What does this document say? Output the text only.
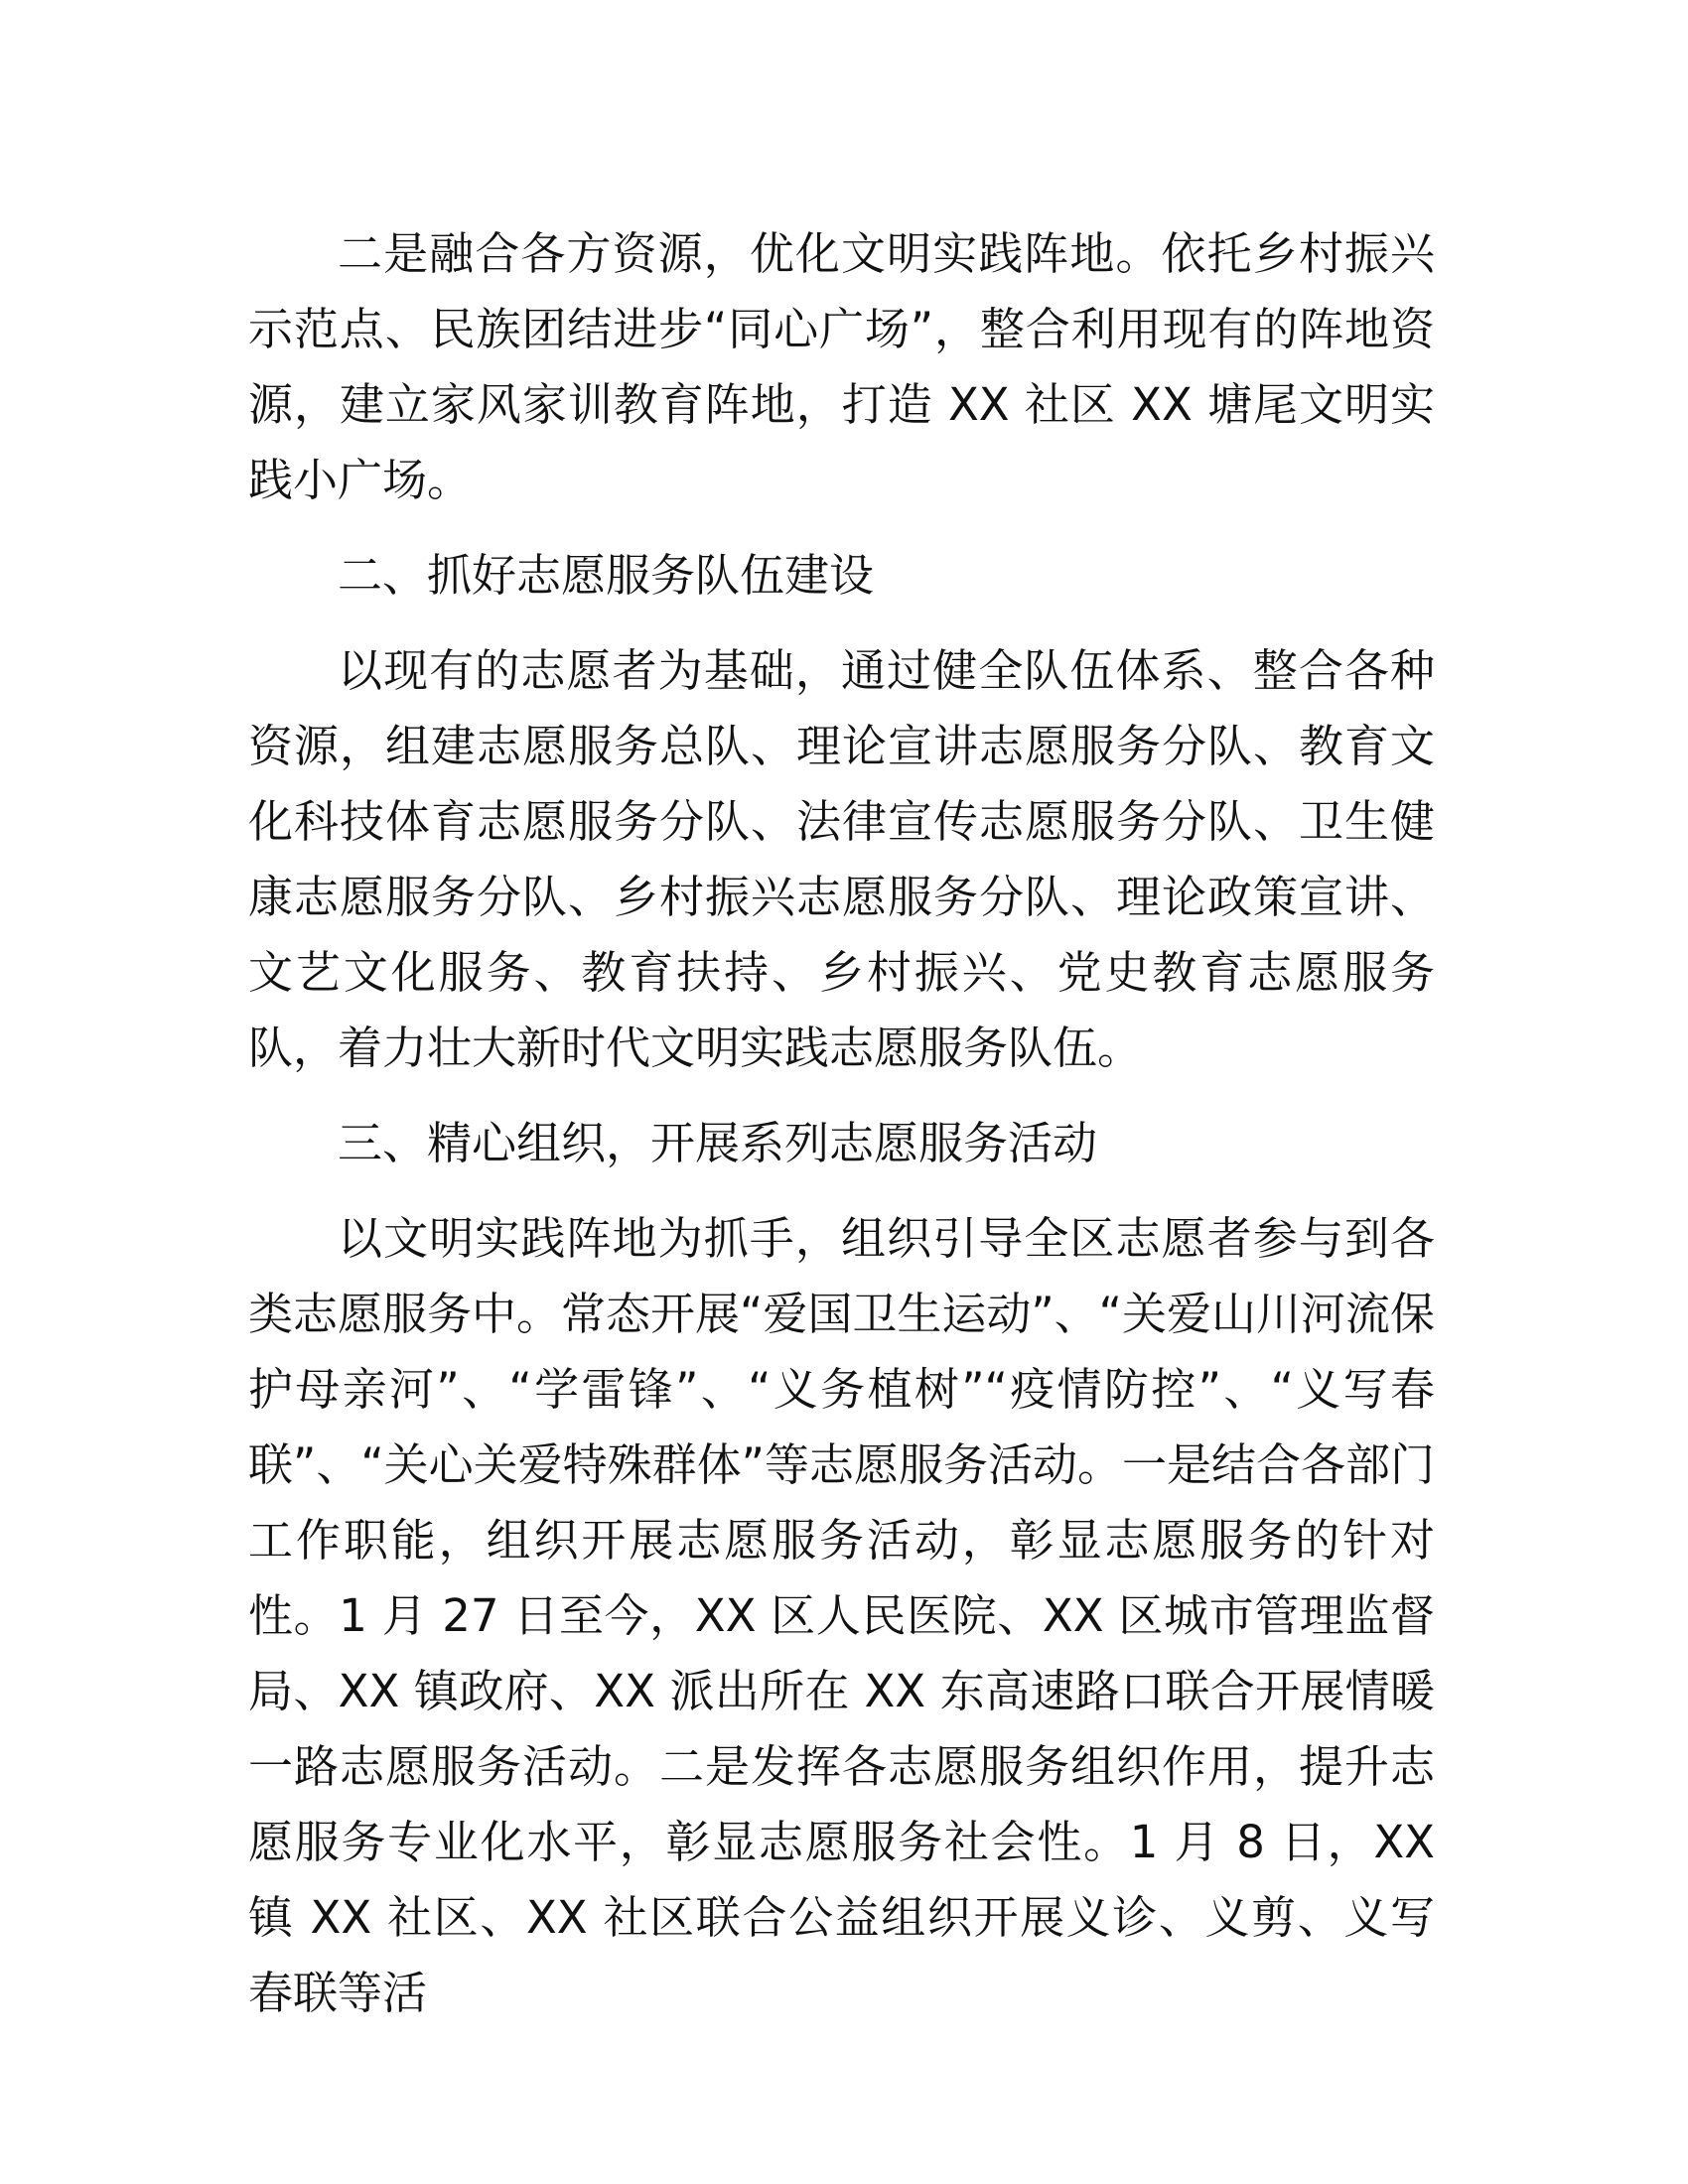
二是融合各方资源，优化文明实践阵地。依托乡村振兴示范点、民族团结进步“同心广场”，整合利用现有的阵地资源，建立家风家训教育阵地，打造 XX 社区 XX 塘尾文明实践小广场。

二、抓好志愿服务队伍建设

以现有的志愿者为基础，通过健全队伍体系、整合各种资源，组建志愿服务总队、理论宣讲志愿服务分队、教育文化科技体育志愿服务分队、法律宣传志愿服务分队、卫生健康志愿服务分队、乡村振兴志愿服务分队、理论政策宣讲、文艺文化服务、教育扶持、乡村振兴、党史教育志愿服务队，着力壮大新时代文明实践志愿服务队伍。

三、精心组织，开展系列志愿服务活动

以文明实践阵地为抓手，组织引导全区志愿者参与到各类志愿服务中。常态开展“爱国卫生运动”、“关爱山川河流保护母亲河”、“学雷锋”、“义务植树”“疫情防控”、“义写春联”、“关心关爱特殊群体”等志愿服务活动。一是结合各部门工作职能，组织开展志愿服务活动，彰显志愿服务的针对性。1 月 27 日至今，XX 区人民医院、XX 区城市管理监督局、XX 镇政府、XX 派出所在 XX 东高速路口联合开展情暖一路志愿服务活动。二是发挥各志愿服务组织作用，提升志愿服务专业化水平，彰显志愿服务社会性。1 月 8 日，XX 镇 XX 社区、XX 社区联合公益组织开展义诊、义剪、义写春联等活
